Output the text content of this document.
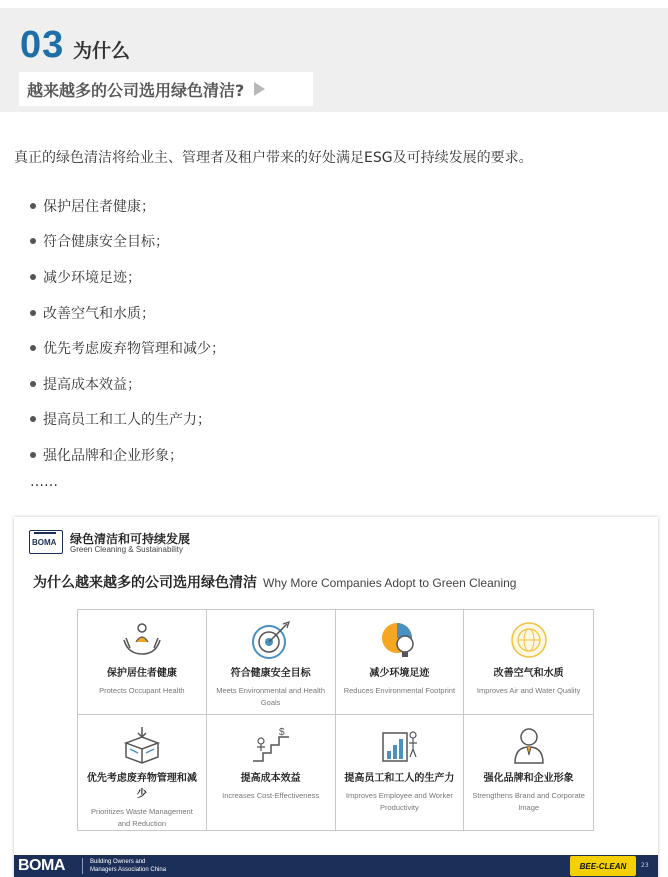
03 为什么
越来越多的公司选用绿色清洁?
真正的绿色清洁将给业主、管理者及租户带来的好处满足ESG及可持续发展的要求。
保护居住者健康；
符合健康安全目标；
减少环境足迹；
改善空气和水质；
优先考虑废弃物管理和减少；
提高成本效益；
提高员工和工人的生产力；
强化品牌和企业形象；
……
BOMA 绿色清洁和可持续发展
Green Cleaning & Sustainability
为什么越来越多的公司选用绿色清洁 Why More Companies Adopt to Green Cleaning
保护居住者健康
Protects Occupant Health
符合健康安全目标
Meets Environmental and Health Goals
减少环境足迹
Reduces Environmental Footprint
改善空气和水质
Improves Air and Water Quality
优先考虑废弃物管理和减少
Prioritizes Waste Management and Reduction
$
提高成本效益
Increases Cost-Effectiveness
提高员工和工人的生产力
Improves Employee and Worker Productivity
强化品牌和企业形象
Strengthens Brand and Corporate Image
BOMA	Building Owners and
Managers Association China	BEE-CLEAN 23
